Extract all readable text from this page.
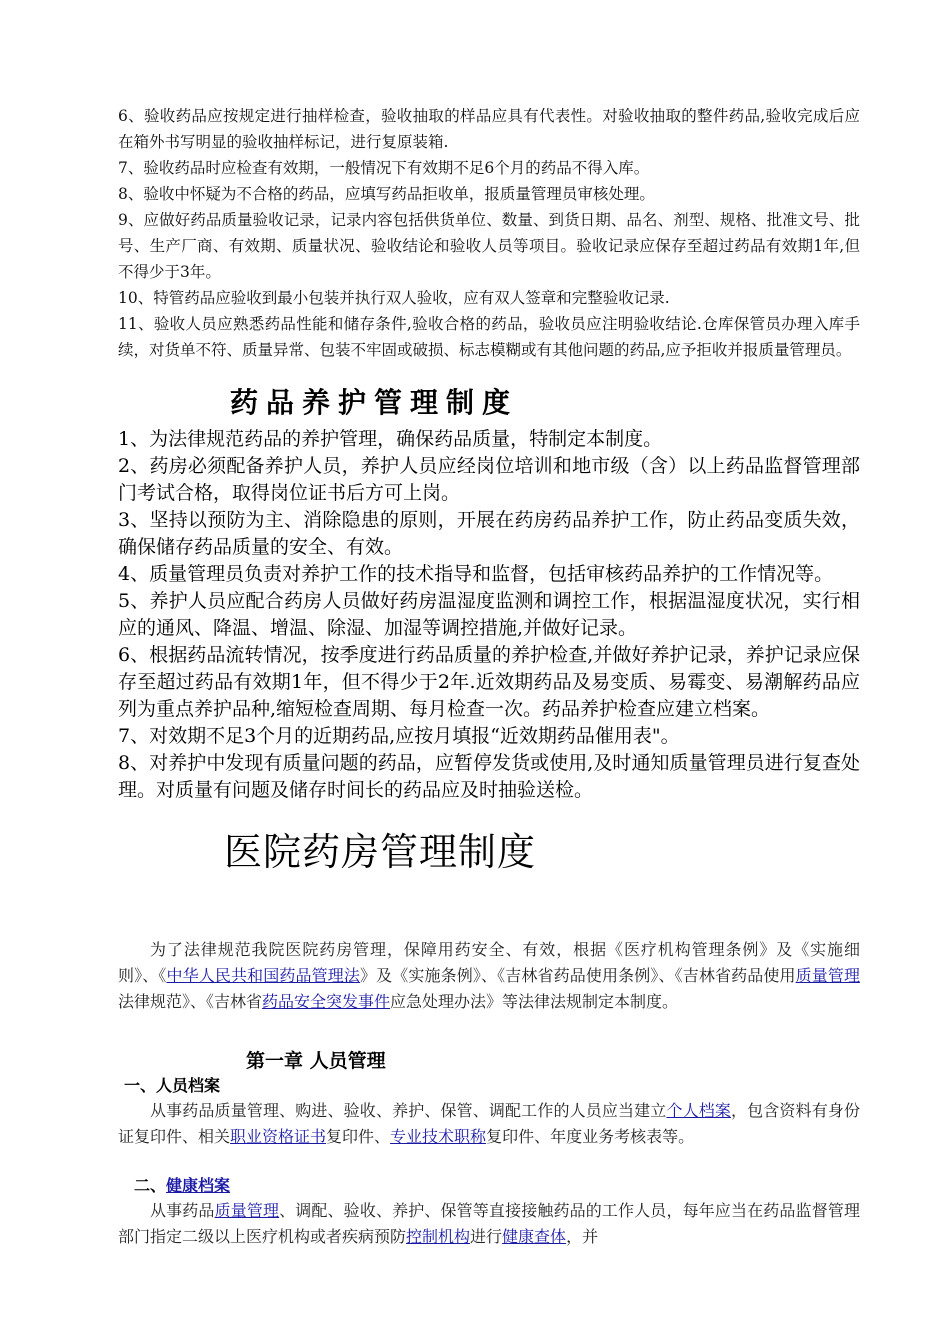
6、验收药品应按规定进行抽样检查，验收抽取的样品应具有代表性。对验收抽取的整件药品,验收完成后应在箱外书写明显的验收抽样标记，进行复原装箱.

7、验收药品时应检查有效期，一般情况下有效期不足6个月的药品不得入库。

8、验收中怀疑为不合格的药品，应填写药品拒收单，报质量管理员审核处理。

9、应做好药品质量验收记录，记录内容包括供货单位、数量、到货日期、品名、剂型、规格、批准文号、批号、生产厂商、有效期、质量状况、验收结论和验收人员等项目。验收记录应保存至超过药品有效期1年,但不得少于3年。

10、特管药品应验收到最小包装并执行双人验收，应有双人签章和完整验收记录.

11、验收人员应熟悉药品性能和储存条件,验收合格的药品，验收员应注明验收结论.仓库保管员办理入库手续，对货单不符、质量异常、包装不牢固或破损、标志模糊或有其他问题的药品,应予拒收并报质量管理员。

药品养护管理制度

1、为法律规范药品的养护管理，确保药品质量，特制定本制度。

2、药房必须配备养护人员，养护人员应经岗位培训和地市级（含）以上药品监督管理部门考试合格，取得岗位证书后方可上岗。

3、坚持以预防为主、消除隐患的原则，开展在药房药品养护工作，防止药品变质失效，确保储存药品质量的安全、有效。

4、质量管理员负责对养护工作的技术指导和监督，包括审核药品养护的工作情况等。

5、养护人员应配合药房人员做好药房温湿度监测和调控工作，根据温湿度状况，实行相应的通风、降温、增温、除湿、加湿等调控措施,并做好记录。

6、根据药品流转情况，按季度进行药品质量的养护检查,并做好养护记录，养护记录应保存至超过药品有效期1年，但不得少于2年.近效期药品及易变质、易霉变、易潮解药品应列为重点养护品种,缩短检查周期、每月检查一次。药品养护检查应建立档案。

7、对效期不足3个月的近期药品,应按月填报“近效期药品催用表"。

8、对养护中发现有质量问题的药品，应暂停发货或使用,及时通知质量管理员进行复查处理。对质量有问题及储存时间长的药品应及时抽验送检。

医院药房管理制度

为了法律规范我院医院药房管理，保障用药安全、有效，根据《医疗机构管理条例》及《实施细则》、《中华人民共和国药品管理法》及《实施条例》、《吉林省药品使用条例》、《吉林省药品使用质量管理法律规范》、《吉林省药品安全突发事件应急处理办法》等法律法规制定本制度。

第一章 人员管理
一、人员档案

从事药品质量管理、购进、验收、养护、保管、调配工作的人员应当建立个人档案，包含资料有身份证复印件、相关职业资格证书复印件、专业技术职称复印件、年度业务考核表等。

二、健康档案

从事药品质量管理、调配、验收、养护、保管等直接接触药品的工作人员，每年应当在药品监督管理部门指定二级以上医疗机构或者疾病预防控制机构进行健康查体，并
